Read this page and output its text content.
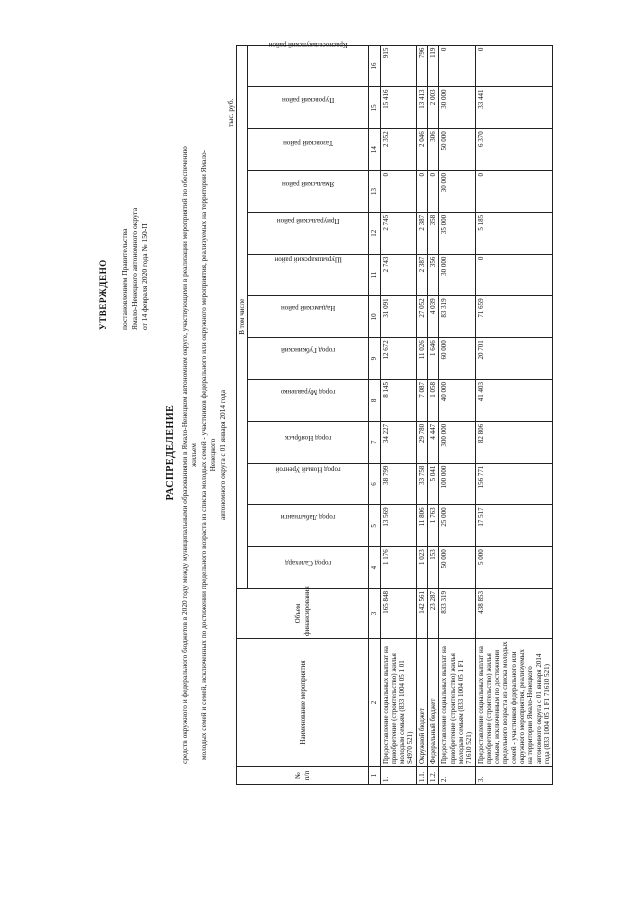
УТВЕРЖДЕНО постановлением Правительства Ямало-Ненецкого автономного округа от 14 февраля 2020 года № 150-П
РАСПРЕДЕЛЕНИЕ средств окружного и федерального бюджетов в 2020 году между муниципальными образованиями в Ямало-Ненецком автономном округе, участвующими в реализации мероприятий по обеспечению жильем молодых семей и семей, исключенных по достижении предельного возраста из списка молодых семей - участников федерального или окружного мероприятия, реализуемых на территории Ямало-Ненецкого автономного округа с 01 января 2014 года
тыс. руб.
№ п/п	Наименование мероприятия	Объем финансирования	В том числе												
			город Салехард	город Лабытнанги	город Новый Уренгой	город Ноябрьск	город Муравленко	город Губкинский	Надымский район	Шурышкарский район	Приуральский район	Ямальский район	Тазовский район	Пуровский район	Красноселькупский район
1	2	3	4	5	6	7	8	9	10	11	12	13	14	15	16
1.	Предоставление социальных выплат на приобретение (строительство) жилья молодым семьям (833 1004 05 1 01 S4970 521)	165 848	1 176	13 569	38 799	34 227	8 145	12 672	31 091	2 743	2 745	0	2 352	15 416	915
1.1.	Окружной бюджет	142 561	1 023	11 806	33 758	29 780	7 087	11 026	27 052	2 387	2 387	0	2 046	13 413	796
1.2.	Федеральный бюджет	23 287	153	1 763	5 041	4 447	1 058	1 646	4 039	356	358	0	306	2 003	119
2.	Предоставление социальных выплат на приобретение (строительство) жилья молодым семьям (833 1004 05 1 F1 71610 521)	833 319	50 000	25 000	100 000	300 000	40 000	60 000	83 319	30 000	35 000	30 000	50 000	30 000	0
3.	Предоставление социальных выплат на приобретение (строительство) жилья семьям, исключенным по достижении предельного возраста из списка молодых семей - участников федерального или окружного мероприятия, реализуемых на территории Ямало-Ненецкого автономного округа с 01 января 2014 года (833 1004 05 1 F1 71610 521)	438 853	5 000	17 517	156 771	82 806	41 403	20 701	71 659	0	5 185	0	6 370	33 441	0
